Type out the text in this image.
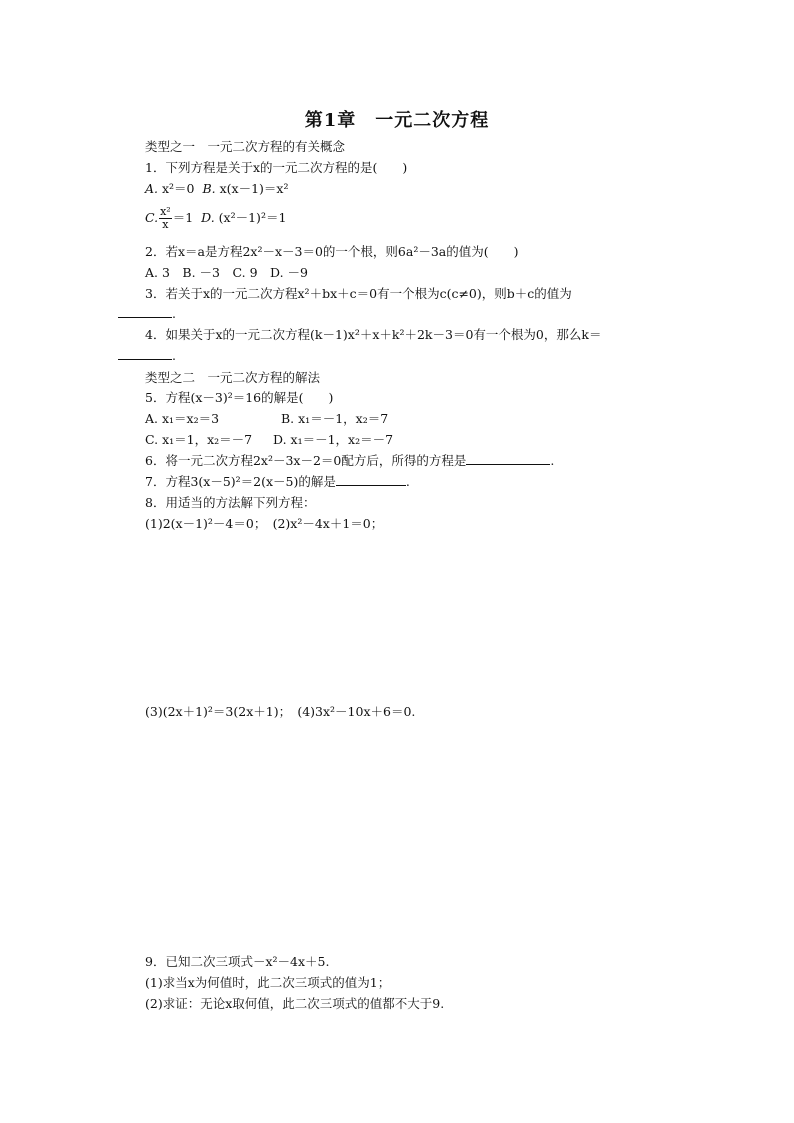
第1章　一元二次方程
类型之一　一元二次方程的有关概念
1．下列方程是关于x的一元二次方程的是(　　)
A. x²＝0 B. x(x－1)＝x²
C. $\frac{\text{x²}}{x} =1$ D. (x²－1)²＝1
2．若x＝a是方程2x²－x－3＝0的一个根，则6a²－3a的值为(　　)
A. 3　B. －3　C. 9　D. －9
3．若关于x的一元二次方程x²＋bx＋c＝0有一个根为c(c≠0)，则b＋c的值为
.
4．如果关于x的一元二次方程(k－1)x²＋x＋k²＋2k－3＝0有一个根为0，那么k＝
.
类型之二　一元二次方程的解法
5．方程(x－3)²＝16的解是(　　)
A. x₁＝x₂＝3	B. x₁＝－1，x₂＝7
C. x₁＝1，x₂＝－7 D. x₁＝－1，x₂＝－7
6．将一元二次方程2x²－3x－2＝0配方后，所得的方程是	.
7．方程3(x－5)²＝2(x－5)的解是	.
8．用适当的方法解下列方程：
(1)2(x－1)²－4＝0；　(2)x²－4x＋1＝0；
(3)(2x＋1)²＝3(2x＋1)；　(4)3x²－10x＋6＝0.
9．已知二次三项式－x²－4x＋5.
(1)求当x为何值时，此二次三项式的值为1；
(2)求证：无论x取何值，此二次三项式的值都不大于9.
